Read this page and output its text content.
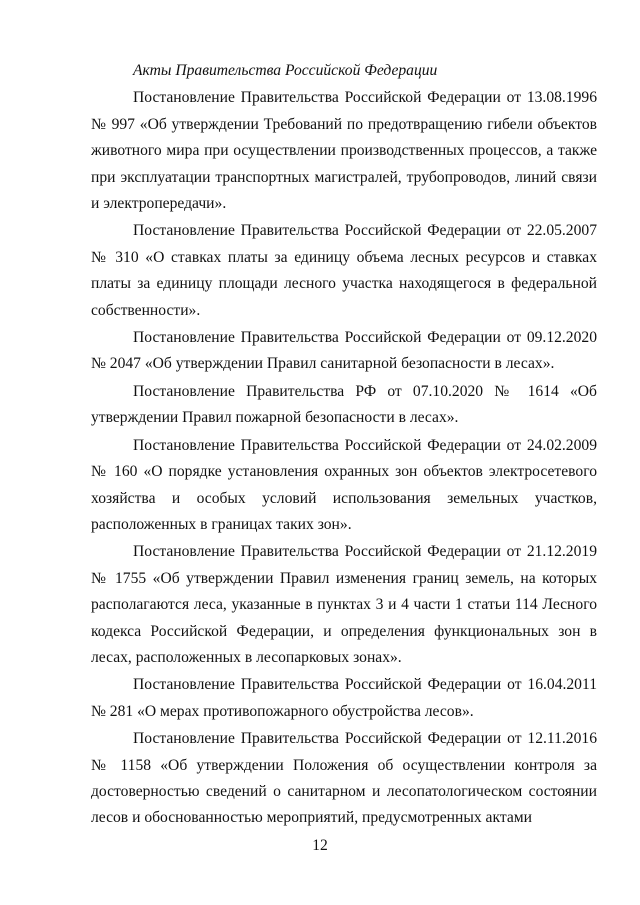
Акты Правительства Российской Федерации

Постановление Правительства Российской Федерации от 13.08.1996 № 997 «Об утверждении Требований по предотвращению гибели объектов животного мира при осуществлении производственных процессов, а также при эксплуатации транспортных магистралей, трубопроводов, линий связи и электропередачи».

Постановление Правительства Российской Федерации от 22.05.2007 № 310 «О ставках платы за единицу объема лесных ресурсов и ставках платы за единицу площади лесного участка находящегося в федеральной собственности».

Постановление Правительства Российской Федерации от 09.12.2020 № 2047 «Об утверждении Правил санитарной безопасности в лесах».

Постановление Правительства РФ от 07.10.2020 № 1614 «Об утверждении Правил пожарной безопасности в лесах».

Постановление Правительства Российской Федерации от 24.02.2009 № 160 «О порядке установления охранных зон объектов электросетевого хозяйства и особых условий использования земельных участков, расположенных в границах таких зон».

Постановление Правительства Российской Федерации от 21.12.2019 № 1755 «Об утверждении Правил изменения границ земель, на которых располагаются леса, указанные в пунктах 3 и 4 части 1 статьи 114 Лесного кодекса Российской Федерации, и определения функциональных зон в лесах, расположенных в лесопарковых зонах».

Постановление Правительства Российской Федерации от 16.04.2011 № 281 «О мерах противопожарного обустройства лесов».

Постановление Правительства Российской Федерации от 12.11.2016 № 1158 «Об утверждении Положения об осуществлении контроля за достоверностью сведений о санитарном и лесопатологическом состоянии лесов и обоснованностью мероприятий, предусмотренных актами

12
